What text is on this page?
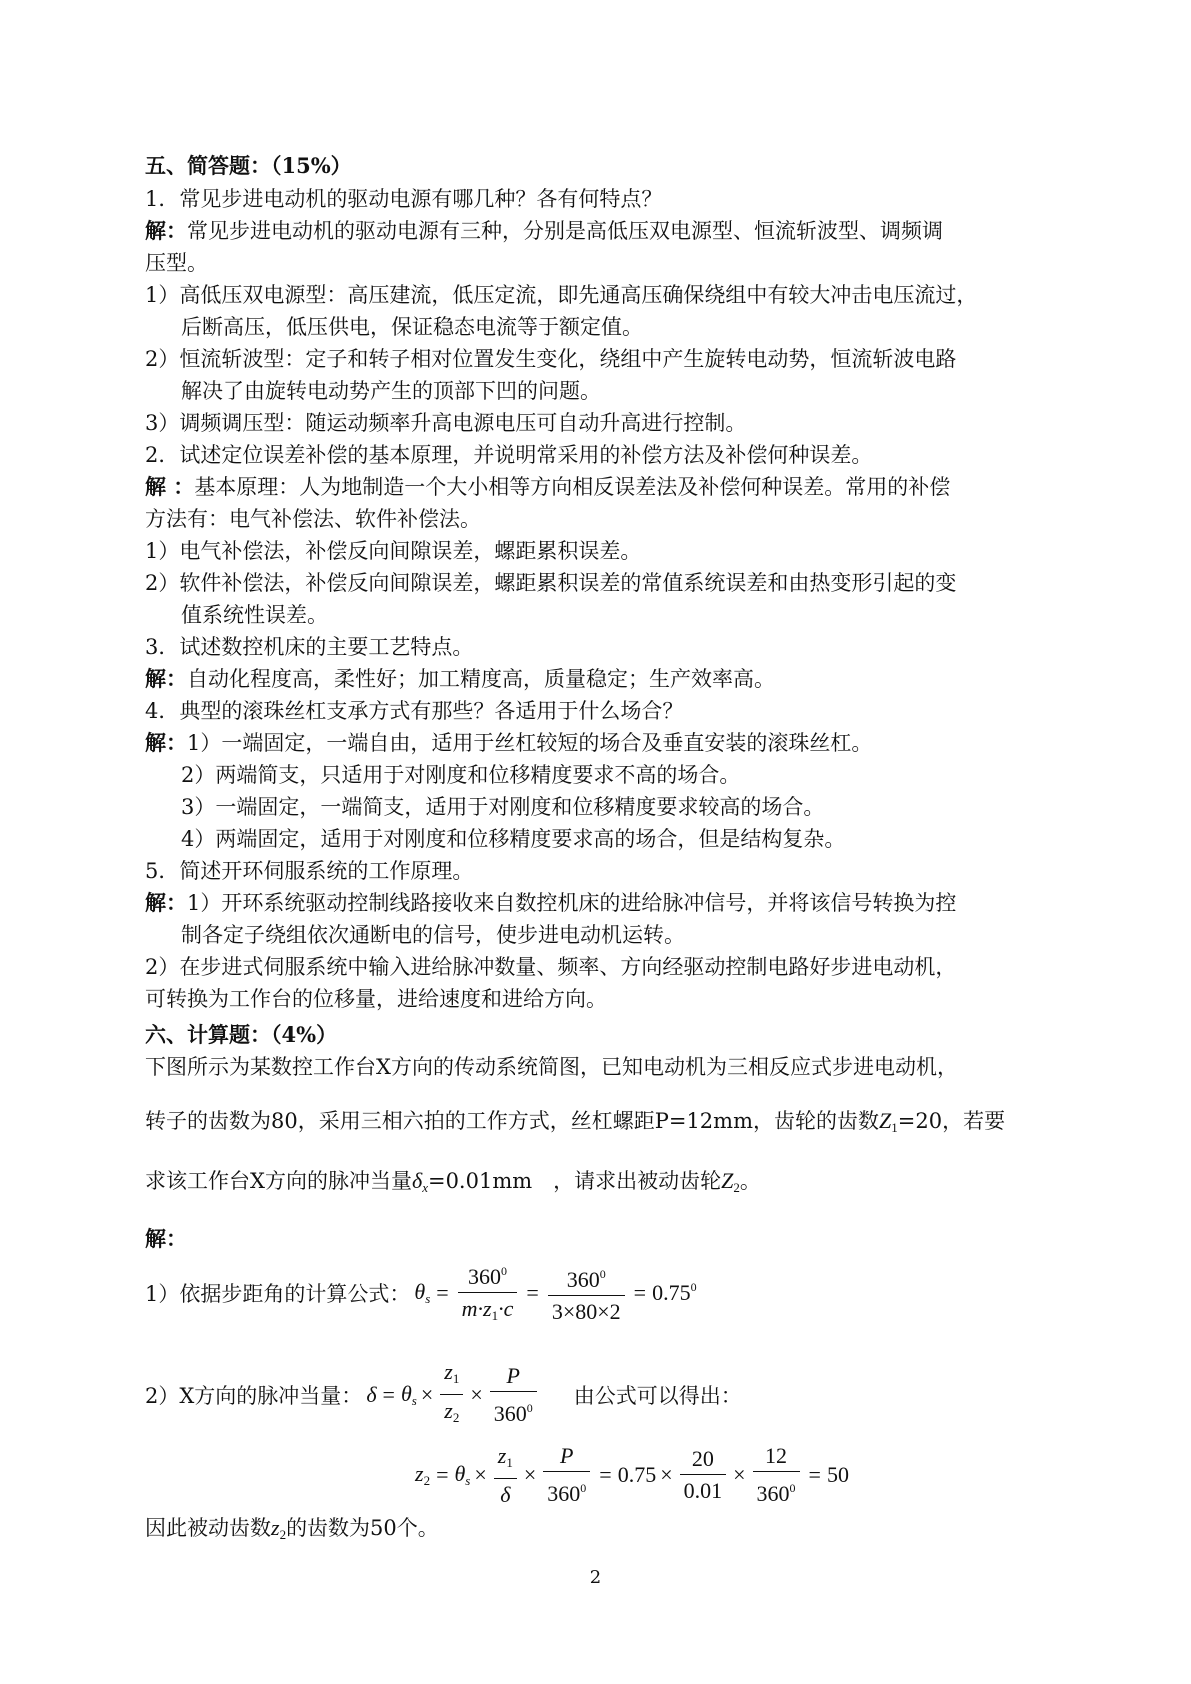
五、简答题：（15%）
1．常见步进电动机的驱动电源有哪几种？各有何特点？
解：常见步进电动机的驱动电源有三种，分别是高低压双电源型、恒流斩波型、调频调
压型。
1）高低压双电源型：高压建流，低压定流，即先通高压确保绕组中有较大冲击电压流过，
后断高压，低压供电，保证稳态电流等于额定值。
2）恒流斩波型：定子和转子相对位置发生变化，绕组中产生旋转电动势，恒流斩波电路
解决了由旋转电动势产生的顶部下凹的问题。
3）调频调压型：随运动频率升高电源电压可自动升高进行控制。
2．试述定位误差补偿的基本原理，并说明常采用的补偿方法及补偿何种误差。
解 ：基本原理：人为地制造一个大小相等方向相反误差法及补偿何种误差。常用的补偿
方法有：电气补偿法、软件补偿法。
1）电气补偿法，补偿反向间隙误差，螺距累积误差。
2）软件补偿法，补偿反向间隙误差，螺距累积误差的常值系统误差和由热变形引起的变
值系统性误差。
3．试述数控机床的主要工艺特点。
解：自动化程度高，柔性好；加工精度高，质量稳定；生产效率高。
4．典型的滚珠丝杠支承方式有那些？各适用于什么场合？
解：1）一端固定，一端自由，适用于丝杠较短的场合及垂直安装的滚珠丝杠。
2）两端简支，只适用于对刚度和位移精度要求不高的场合。
3）一端固定，一端简支，适用于对刚度和位移精度要求较高的场合。
4）两端固定，适用于对刚度和位移精度要求高的场合，但是结构复杂。
5．简述开环伺服系统的工作原理。
解：1）开环系统驱动控制线路接收来自数控机床的进给脉冲信号，并将该信号转换为控
制各定子绕组依次通断电的信号，使步进电动机运转。
2）在步进式伺服系统中输入进给脉冲数量、频率、方向经驱动控制电路好步进电动机，
可转换为工作台的位移量，进给速度和进给方向。
六、计算题：（4%）
下图所示为某数控工作台X方向的传动系统简图，已知电动机为三相反应式步进电动机，
转子的齿数为80，采用三相六拍的工作方式，丝杠螺距P=12mm，齿轮的齿数$Z_1=20$，若要
求该工作台X方向的脉冲当量$\delta_x=0.01mm$　，请求出被动齿轮$Z_2$。
解：
1）依据步距角的计算公式： $\theta_s = \frac{360^0}{m\cdot z_1\cdot c} = \frac{360^0}{3\times 80\times 2} = 0.75^0$
2）X方向的脉冲当量： $\delta = \theta_s \times \frac{z_1}{z_2} \times \frac{P}{360^0}$ 由公式可以得出：
$z_2 = \theta_s \times \frac{z_1}{\delta} \times \frac{P}{360^0} = 0.75 \times \frac{20}{0.01} \times \frac{12}{360^0} = 50$
因此被动齿数$z_2$的齿数为50个。
2
